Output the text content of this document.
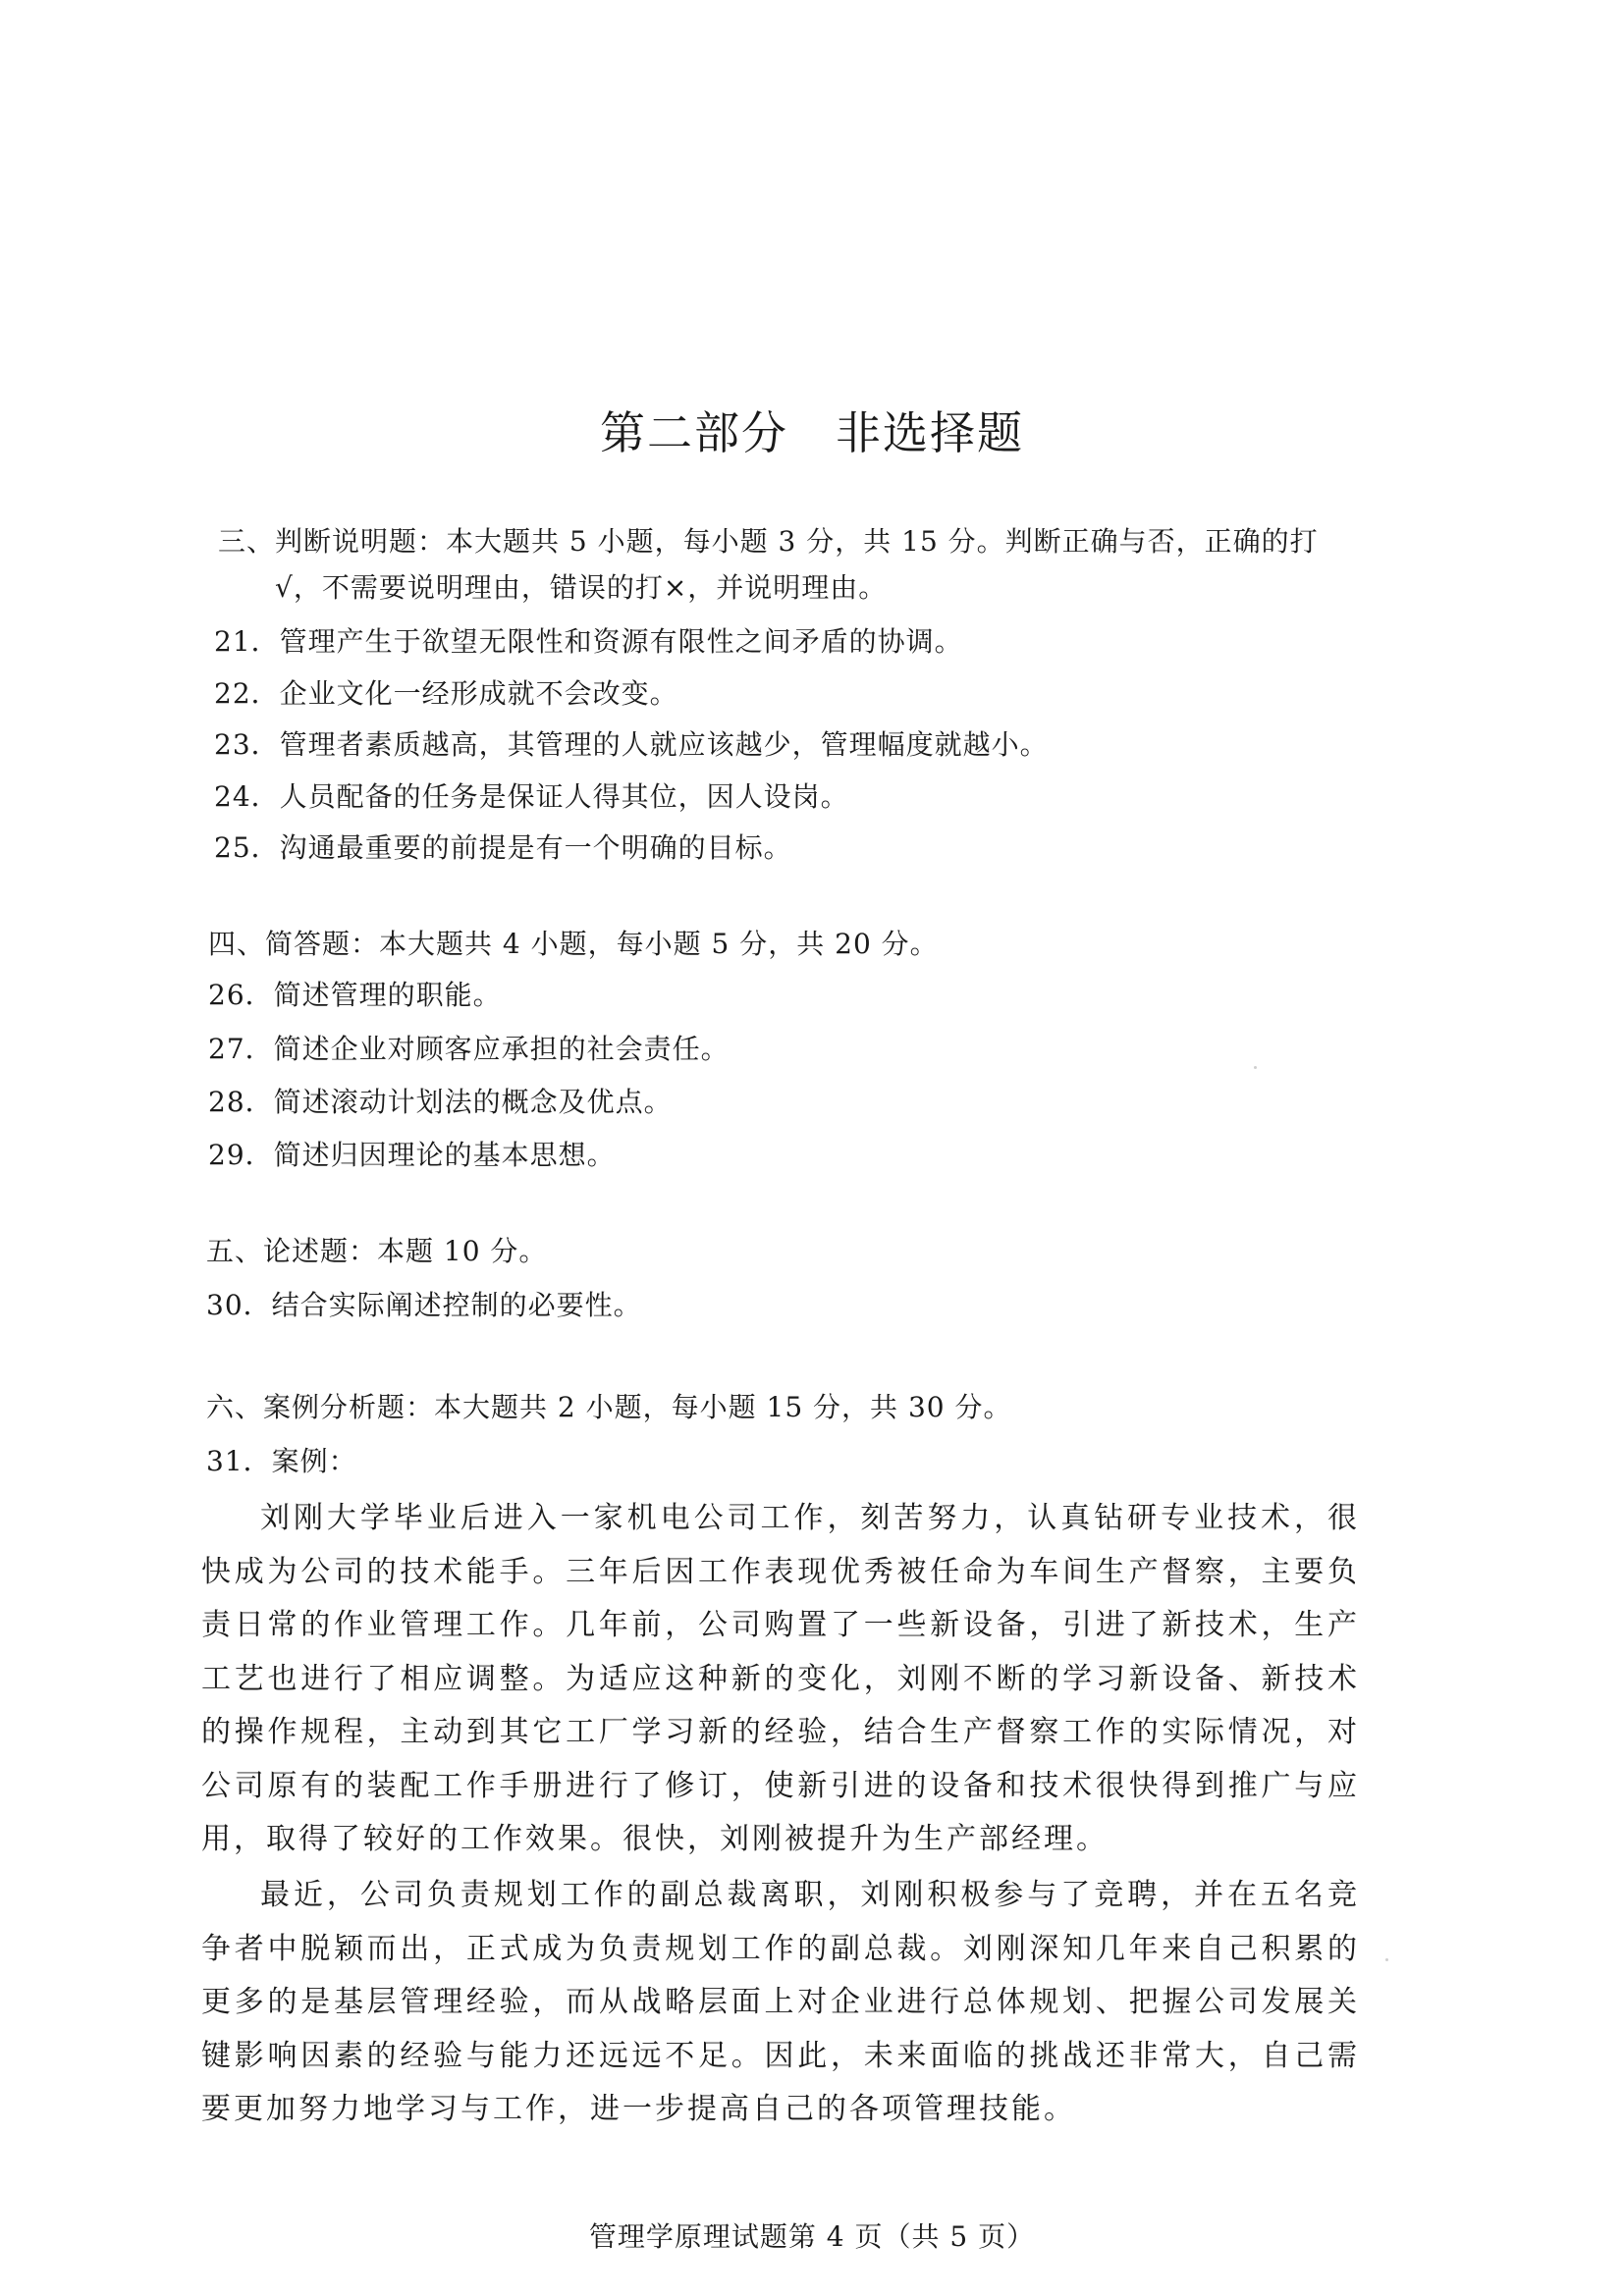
第二部分　非选择题
三、判断说明题：本大题共 5 小题，每小题 3 分，共 15 分。判断正确与否，正确的打
√，不需要说明理由，错误的打×，并说明理由。
21．管理产生于欲望无限性和资源有限性之间矛盾的协调。
22．企业文化一经形成就不会改变。
23．管理者素质越高，其管理的人就应该越少，管理幅度就越小。
24．人员配备的任务是保证人得其位，因人设岗。
25．沟通最重要的前提是有一个明确的目标。
四、简答题：本大题共 4 小题，每小题 5 分，共 20 分。
26．简述管理的职能。
27．简述企业对顾客应承担的社会责任。
28．简述滚动计划法的概念及优点。
29．简述归因理论的基本思想。
五、论述题：本题 10 分。
30．结合实际阐述控制的必要性。
六、案例分析题：本大题共 2 小题，每小题 15 分，共 30 分。
31．案例：
刘刚大学毕业后进入一家机电公司工作，刻苦努力，认真钻研专业技术，很快成为公司的技术能手。三年后因工作表现优秀被任命为车间生产督察，主要负责日常的作业管理工作。几年前，公司购置了一些新设备，引进了新技术，生产工艺也进行了相应调整。为适应这种新的变化，刘刚不断的学习新设备、新技术的操作规程，主动到其它工厂学习新的经验，结合生产督察工作的实际情况，对公司原有的装配工作手册进行了修订，使新引进的设备和技术很快得到推广与应用，取得了较好的工作效果。很快，刘刚被提升为生产部经理。
最近，公司负责规划工作的副总裁离职，刘刚积极参与了竞聘，并在五名竞争者中脱颖而出，正式成为负责规划工作的副总裁。刘刚深知几年来自己积累的更多的是基层管理经验，而从战略层面上对企业进行总体规划、把握公司发展关键影响因素的经验与能力还远远不足。因此，未来面临的挑战还非常大，自己需要更加努力地学习与工作，进一步提高自己的各项管理技能。
管理学原理试题第 4 页（共 5 页）
